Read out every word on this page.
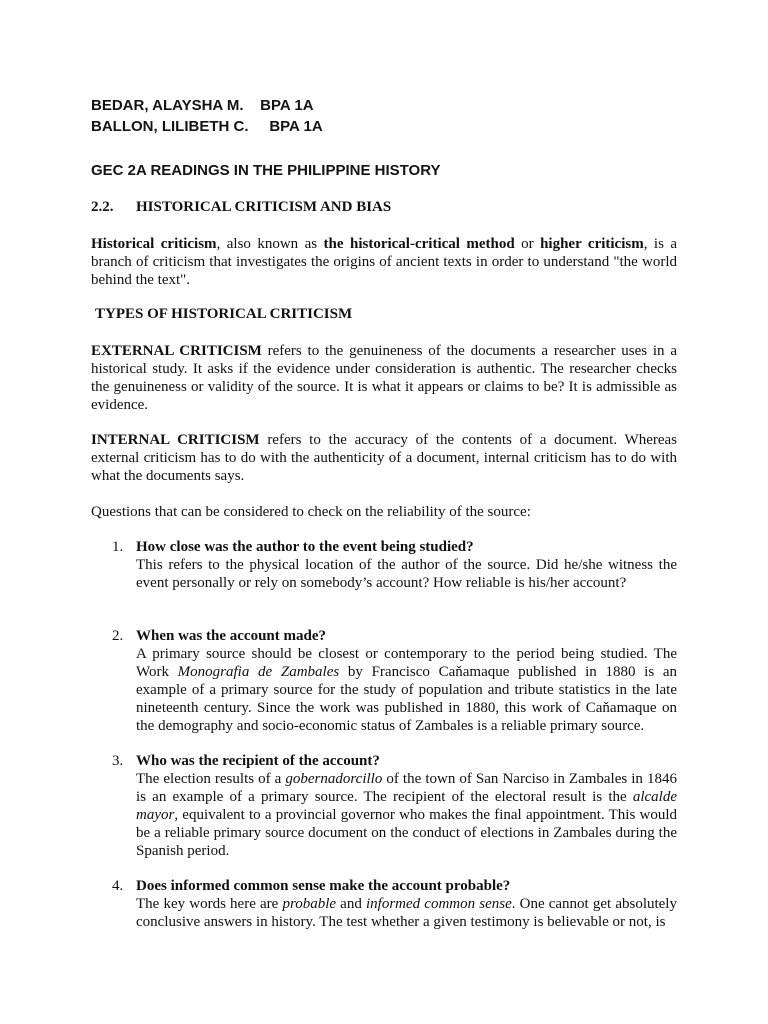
BEDAR, ALAYSHA M.    BPA 1A
BALLON, LILIBETH C.     BPA 1A
GEC 2A READINGS IN THE PHILIPPINE HISTORY
2.2. HISTORICAL CRITICISM AND BIAS

Historical criticism, also known as the historical-critical method or higher criticism, is a branch of criticism that investigates the origins of ancient texts in order to understand "the world behind the text".

TYPES OF HISTORICAL CRITICISM

EXTERNAL CRITICISM refers to the genuineness of the documents a researcher uses in a historical study. It asks if the evidence under consideration is authentic. The researcher checks the genuineness or validity of the source. It is what it appears or claims to be? It is admissible as evidence.

INTERNAL CRITICISM refers to the accuracy of the contents of a document. Whereas external criticism has to do with the authenticity of a document, internal criticism has to do with what the documents says.

Questions that can be considered to check on the reliability of the source:
1. How close was the author to the event being studied?

This refers to the physical location of the author of the source. Did he/she witness the event personally or rely on somebody’s account? How reliable is his/her account?

2. When was the account made?

A primary source should be closest or contemporary to the period being studied. The Work Monografia de Zambales by Francisco Caňamaque published in 1880 is an example of a primary source for the study of population and tribute statistics in the late nineteenth century. Since the work was published in 1880, this work of Caňamaque on the demography and socio-economic status of Zambales is a reliable primary source.

3. Who was the recipient of the account?

The election results of a gobernadorcillo of the town of San Narciso in Zambales in 1846 is an example of a primary source. The recipient of the electoral result is the alcalde mayor, equivalent to a provincial governor who makes the final appointment. This would be a reliable primary source document on the conduct of elections in Zambales during the Spanish period.

4. Does informed common sense make the account probable?

The key words here are probable and informed common sense. One cannot get absolutely conclusive answers in history. The test whether a given testimony is believable or not, is
